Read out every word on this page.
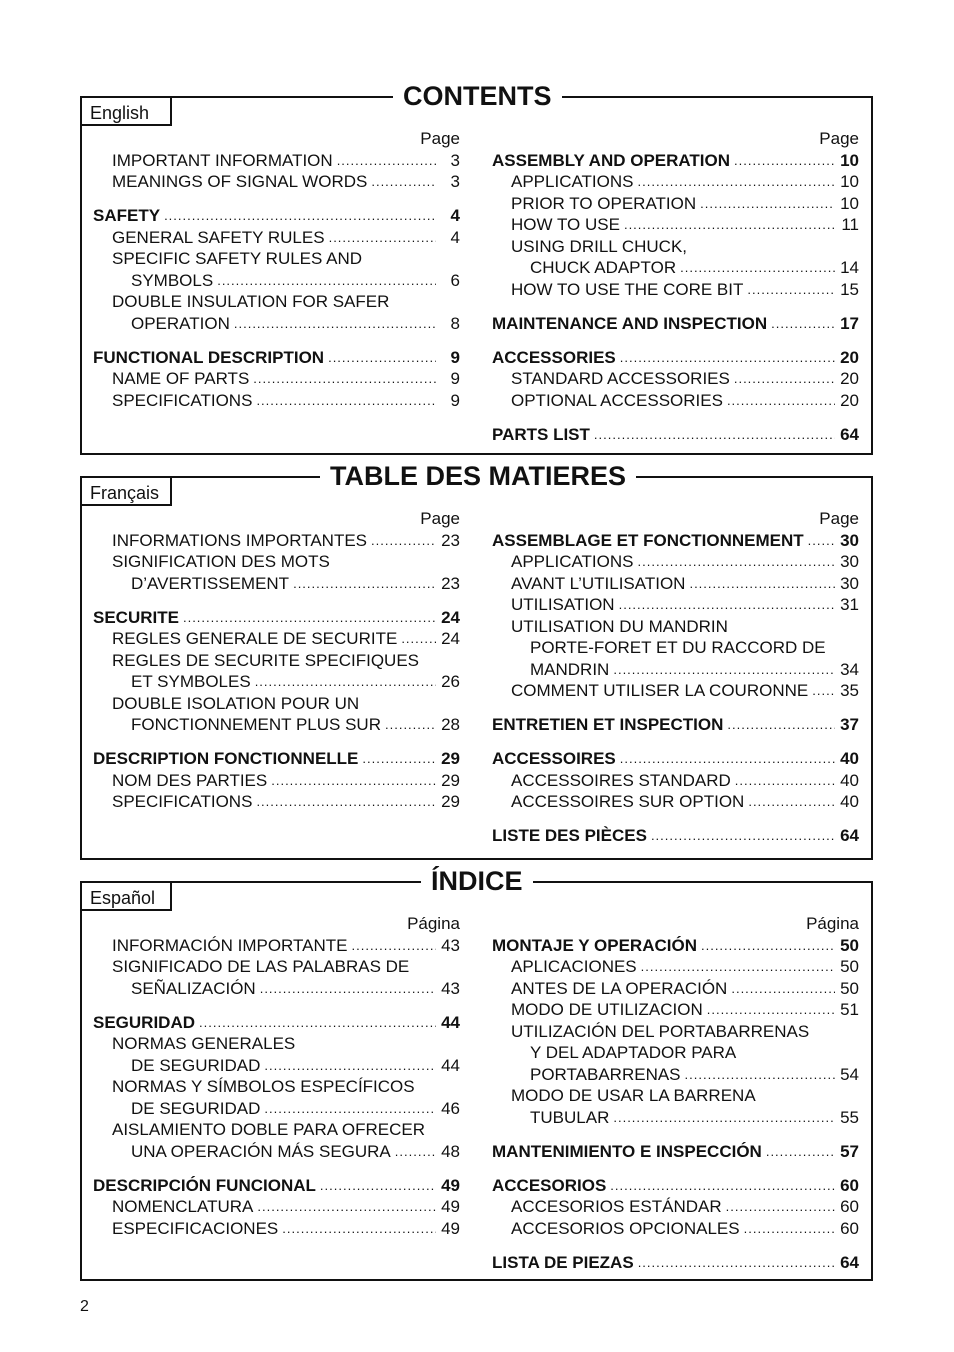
English
CONTENTS
Page
IMPORTANT INFORMATION .....	3
MEANINGS OF SIGNAL WORDS .....	3
SAFETY .....	4
GENERAL SAFETY RULES .....	4
SPECIFIC SAFETY RULES AND
SYMBOLS .....	6
DOUBLE INSULATION FOR SAFER
OPERATION .....	8
FUNCTIONAL DESCRIPTION .....	9
NAME OF PARTS .....	9
SPECIFICATIONS .....	9
Page
ASSEMBLY AND OPERATION .....	10
APPLICATIONS .....	10
PRIOR TO OPERATION .....	10
HOW TO USE .....	11
USING DRILL CHUCK,
CHUCK ADAPTOR .....	14
HOW TO USE THE CORE BIT .....	15
MAINTENANCE AND INSPECTION .....	17
ACCESSORIES .....	20
STANDARD ACCESSORIES .....	20
OPTIONAL ACCESSORIES .....	20
PARTS LIST .....	64
Français
TABLE DES MATIERES
Page
INFORMATIONS IMPORTANTES .....	23
SIGNIFICATION DES MOTS
D’AVERTISSEMENT .....	23
SECURITE .....	24
REGLES GENERALE DE SECURITE .....	24
REGLES DE SECURITE SPECIFIQUES
ET SYMBOLES .....	26
DOUBLE ISOLATION POUR UN
FONCTIONNEMENT PLUS SUR .....	28
DESCRIPTION FONCTIONNELLE .....	29
NOM DES PARTIES .....	29
SPECIFICATIONS .....	29
Page
ASSEMBLAGE ET FONCTIONNEMENT ..... 30
APPLICATIONS .....	30
AVANT L’UTILISATION .....	30
UTILISATION .....	31
UTILISATION DU MANDRIN
PORTE-FORET ET DU RACCORD DE
MANDRIN .....	34
COMMENT UTILISER LA COURONNE ..... 35
ENTRETIEN ET INSPECTION .....	37
ACCESSOIRES .....	40
ACCESSOIRES STANDARD .....	40
ACCESSOIRES SUR OPTION .....	40
LISTE DES PIÈCES .....	64
Español
ÍNDICE
Página
INFORMACIÓN IMPORTANTE .....	43
SIGNIFICADO DE LAS PALABRAS DE
SEÑALIZACIÓN .....	43
SEGURIDAD .....	44
NORMAS GENERALES
DE SEGURIDAD .....	44
NORMAS Y SÍMBOLOS ESPECÍFICOS
DE SEGURIDAD .....	46
AISLAMIENTO DOBLE PARA OFRECER
UNA OPERACIÓN MÁS SEGURA .....	48
DESCRIPCIÓN FUNCIONAL .....	49
NOMENCLATURA .....	49
ESPECIFICACIONES .....	49
Página
MONTAJE Y OPERACIÓN .....	50
APLICACIONES .....	50
ANTES DE LA OPERACIÓN .....	50
MODO DE UTILIZACION .....	51
UTILIZACIÓN DEL PORTABARRENAS
Y DEL ADAPTADOR PARA
PORTABARRENAS .....	54
MODO DE USAR LA BARRENA
TUBULAR .....	55
MANTENIMIENTO E INSPECCIÓN .....	57
ACCESORIOS .....	60
ACCESORIOS ESTÁNDAR .....	60
ACCESORIOS OPCIONALES .....	60
LISTA DE PIEZAS .....	64
2
